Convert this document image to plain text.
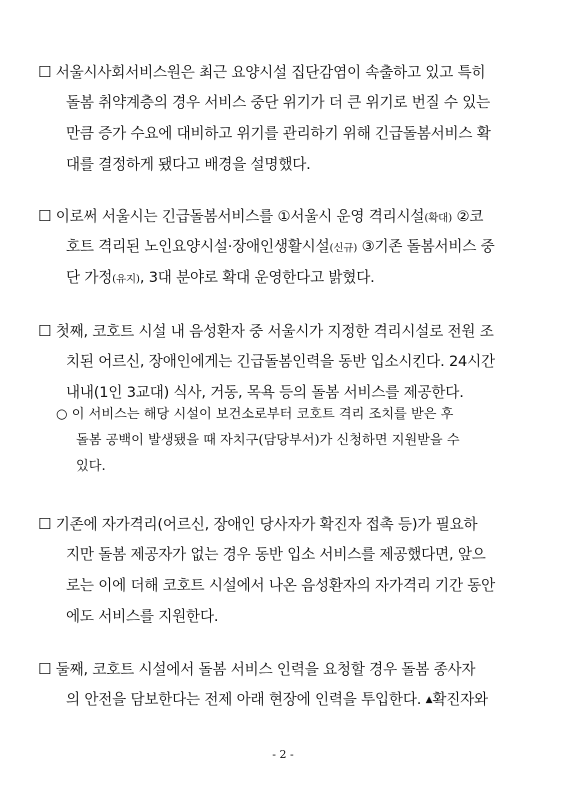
☐ 서울시사회서비스원은 최근 요양시설 집단감염이 속출하고 있고 특히
돌봄 취약계층의 경우 서비스 중단 위기가 더 큰 위기로 번질 수 있는
만큼 증가 수요에 대비하고 위기를 관리하기 위해 긴급돌봄서비스 확
대를 결정하게 됐다고 배경을 설명했다.
☐ 이로써 서울시는 긴급돌봄서비스를 ①서울시 운영 격리시설(확대) ②코
호트 격리된 노인요양시설·장애인생활시설(신규) ③기존 돌봄서비스 중
단 가정(유지), 3대 분야로 확대 운영한다고 밝혔다.
☐ 첫째, 코호트 시설 내 음성환자 중 서울시가 지정한 격리시설로 전원 조
치된 어르신, 장애인에게는 긴급돌봄인력을 동반 입소시킨다. 24시간
내내(1인 3교대) 식사, 거동, 목욕 등의 돌봄 서비스를 제공한다.
○ 이 서비스는 해당 시설이 보건소로부터 코호트 격리 조치를 받은 후
돌봄 공백이 발생됐을 때 자치구(담당부서)가 신청하면 지원받을 수
있다.
☐ 기존에 자가격리(어르신, 장애인 당사자가 확진자 접촉 등)가 필요하
지만 돌봄 제공자가 없는 경우 동반 입소 서비스를 제공했다면, 앞으
로는 이에 더해 코호트 시설에서 나온 음성환자의 자가격리 기간 동안
에도 서비스를 지원한다.
☐ 둘째, 코호트 시설에서 돌봄 서비스 인력을 요청할 경우 돌봄 종사자
의 안전을 담보한다는 전제 아래 현장에 인력을 투입한다. ▲확진자와
- 2 -
